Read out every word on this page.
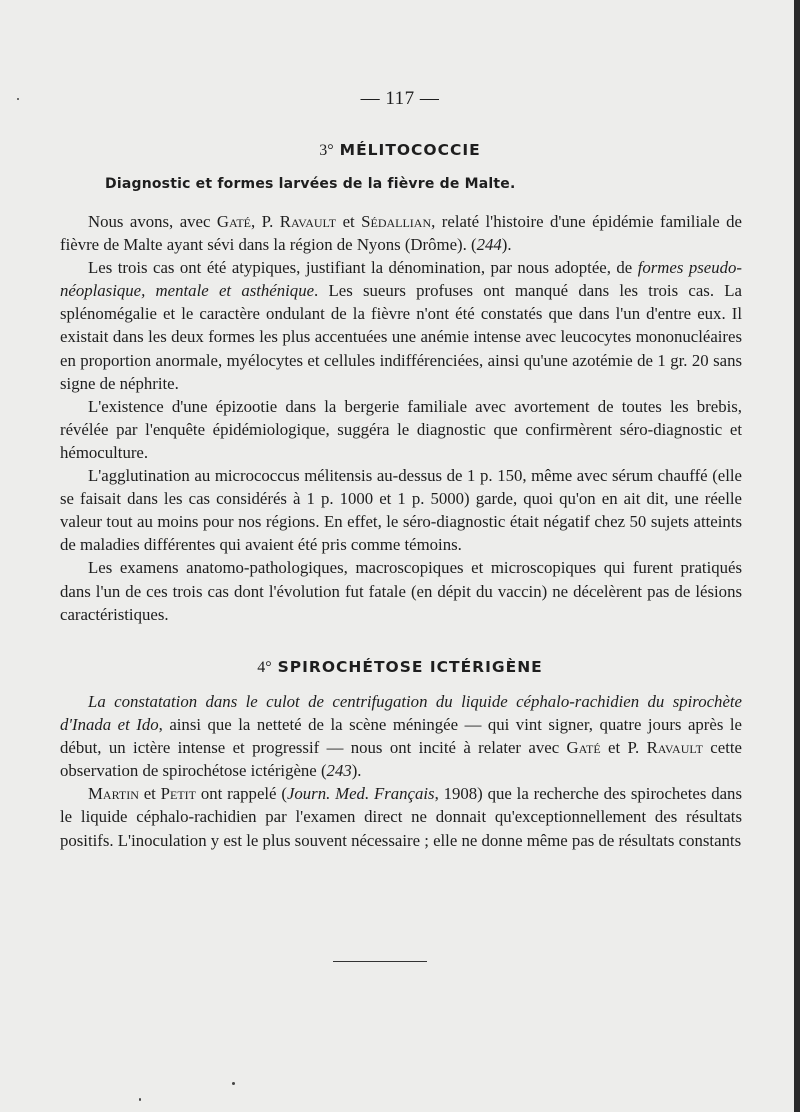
— 117 —
3° MÉLITOCOCCIE
Diagnostic et formes larvées de la fièvre de Malte.

Nous avons, avec Gaté, P. Ravault et Sédallian, relaté l'histoire d'une épidémie familiale de fièvre de Malte ayant sévi dans la région de Nyons (Drôme). (244).

Les trois cas ont été atypiques, justifiant la dénomination, par nous adoptée, de formes pseudo-néoplasique, mentale et asthénique. Les sueurs profuses ont manqué dans les trois cas. La splénomégalie et le caractère ondulant de la fièvre n'ont été constatés que dans l'un d'entre eux. Il existait dans les deux formes les plus accentuées une anémie intense avec leucocytes mononucléaires en proportion anormale, myélocytes et cellules indifférenciées, ainsi qu'une azotémie de 1 gr. 20 sans signe de néphrite.

L'existence d'une épizootie dans la bergerie familiale avec avortement de toutes les brebis, révélée par l'enquête épidémiologique, suggéra le diagnostic que confirmèrent séro-diagnostic et hémoculture.

L'agglutination au micrococcus mélitensis au-dessus de 1 p. 150, même avec sérum chauffé (elle se faisait dans les cas considérés à 1 p. 1000 et 1 p. 5000) garde, quoi qu'on en ait dit, une réelle valeur tout au moins pour nos régions. En effet, le séro-diagnostic était négatif chez 50 sujets atteints de maladies différentes qui avaient été pris comme témoins.

Les examens anatomo-pathologiques, macroscopiques et microscopiques qui furent pratiqués dans l'un de ces trois cas dont l'évolution fut fatale (en dépit du vaccin) ne décelèrent pas de lésions caractéristiques.

4° SPIROCHÉTOSE ICTÉRIGÈNE

La constatation dans le culot de centrifugation du liquide céphalo-rachidien du spirochète d'Inada et Ido, ainsi que la netteté de la scène méningée — qui vint signer, quatre jours après le début, un ictère intense et progressif — nous ont incité à relater avec Gaté et P. Ravault cette observation de spirochétose ictérigène (243).

Martin et Petit ont rappelé (Journ. Med. Français, 1908) que la recherche des spirochetes dans le liquide céphalo-rachidien par l'examen direct ne donnait qu'exceptionnellement des résultats positifs. L'inoculation y est le plus souvent nécessaire ; elle ne donne même pas de résultats constants
